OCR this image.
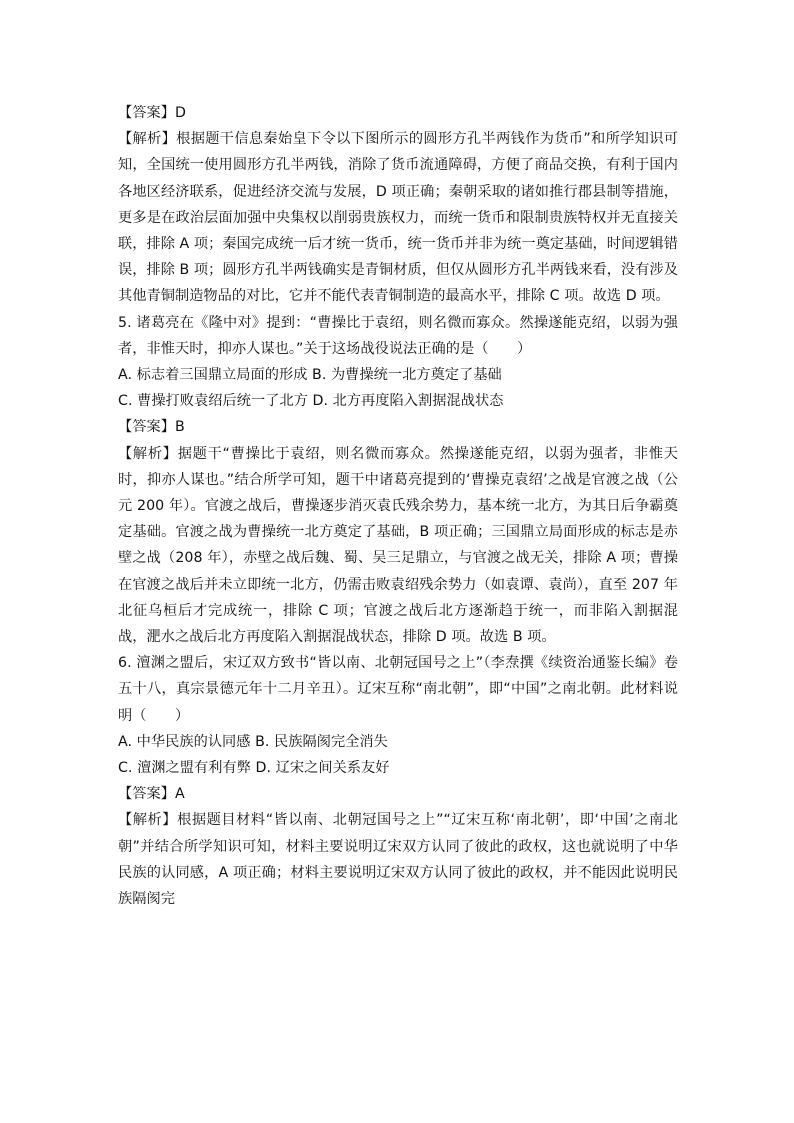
【答案】D

【解析】根据题干信息秦始皇下令以下图所示的圆形方孔半两钱作为货币”和所学知识可知，全国统一使用圆形方孔半两钱，消除了货币流通障碍，方便了商品交换，有利于国内各地区经济联系，促进经济交流与发展，D 项正确；秦朝采取的诸如推行郡县制等措施，更多是在政治层面加强中央集权以削弱贵族权力，而统一货币和限制贵族特权并无直接关联，排除 A 项；秦国完成统一后才统一货币，统一货币并非为统一奠定基础，时间逻辑错误，排除 B 项；圆形方孔半两钱确实是青铜材质，但仅从圆形方孔半两钱来看，没有涉及其他青铜制造物品的对比，它并不能代表青铜制造的最高水平，排除 C 项。故选 D 项。

5. 诸葛亮在《隆中对》提到：“曹操比于袁绍，则名微而寡众。然操遂能克绍，以弱为强者，非惟天时，抑亦人谋也。”关于这场战役说法正确的是（　　）

A. 标志着三国鼎立局面的形成 B. 为曹操统一北方奠定了基础

C. 曹操打败袁绍后统一了北方 D. 北方再度陷入割据混战状态

【答案】B

【解析】据题干“曹操比于袁绍，则名微而寡众。然操遂能克绍，以弱为强者，非惟天时，抑亦人谋也。”结合所学可知，题干中诸葛亮提到的‘曹操克袁绍’之战是官渡之战（公元 200 年）。官渡之战后，曹操逐步消灭袁氏残余势力，基本统一北方，为其日后争霸奠定基础。官渡之战为曹操统一北方奠定了基础，B 项正确；三国鼎立局面形成的标志是赤壁之战（208 年），赤壁之战后魏、蜀、吴三足鼎立，与官渡之战无关，排除 A 项；曹操在官渡之战后并未立即统一北方，仍需击败袁绍残余势力（如袁谭、袁尚），直至 207 年北征乌桓后才完成统一，排除 C 项；官渡之战后北方逐渐趋于统一，而非陷入割据混战，淝水之战后北方再度陷入割据混战状态，排除 D 项。故选 B 项。

6. 澶渊之盟后，宋辽双方致书“皆以南、北朝冠国号之上”（李焘撰《续资治通鉴长编》卷五十八，真宗景德元年十二月辛丑）。辽宋互称“南北朝”，即“中国”之南北朝。此材料说明（　　）

A. 中华民族的认同感 B. 民族隔阂完全消失

C. 澶渊之盟有利有弊 D. 辽宋之间关系友好

【答案】A

【解析】根据题目材料“皆以南、北朝冠国号之上”“辽宋互称‘南北朝’，即‘中国’之南北朝”并结合所学知识可知，材料主要说明辽宋双方认同了彼此的政权，这也就说明了中华民族的认同感，A 项正确；材料主要说明辽宋双方认同了彼此的政权，并不能因此说明民族隔阂完
